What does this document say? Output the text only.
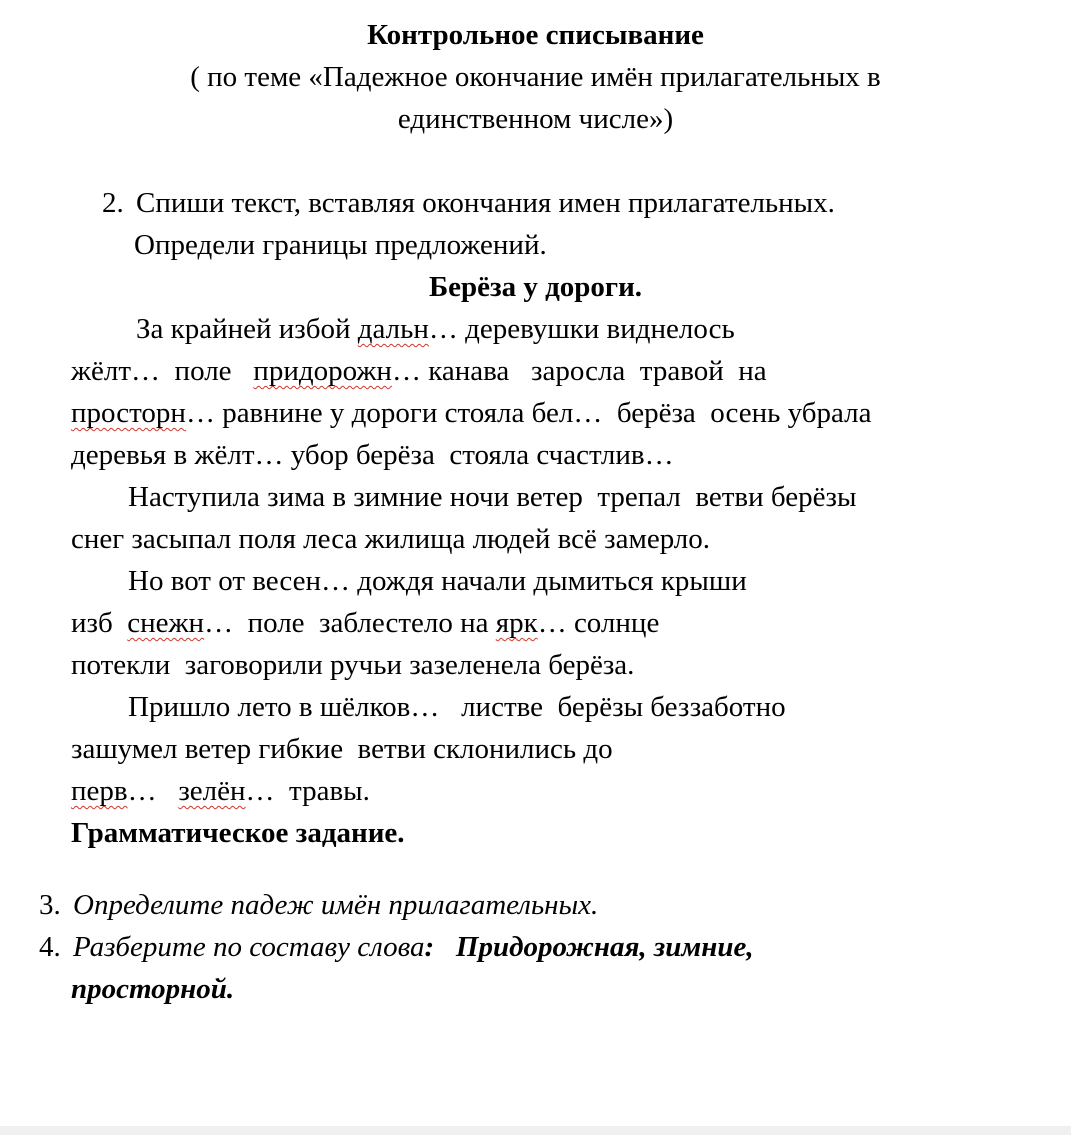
Контрольное списывание
( по теме «Падежное окончание имён прилагательных в
единственном числе»)
2. Спиши текст, вставляя окончания имен прилагательных.
Определи границы предложений.
Берёза у дороги.
За крайней избой дальн… деревушки виднелось
жёлт…  поле   придорожн… канава   заросла  травой  на
просторн… равнине у дороги стояла бел…  берёза  осень убрала
деревья в жёлт… убор берёза  стояла счастлив…
Наступила зима в зимние ночи ветер  трепал  ветви берёзы
снег засыпал поля леса жилища людей всё замерло.
Но вот от весен… дождя начали дымиться крыши
изб  снежн…  поле  заблестело на ярк… солнце
потекли  заговорили ручьи зазеленела берёза.
Пришло лето в шёлков…   листве  берёзы беззаботно
зашумел ветер гибкие  ветви склонились до
перв…   зелён…  травы.
Грамматическое задание.
3. Определите падеж имён прилагательных.
4. Разберите по составу слова:   Придорожная, зимние,
просторной.
